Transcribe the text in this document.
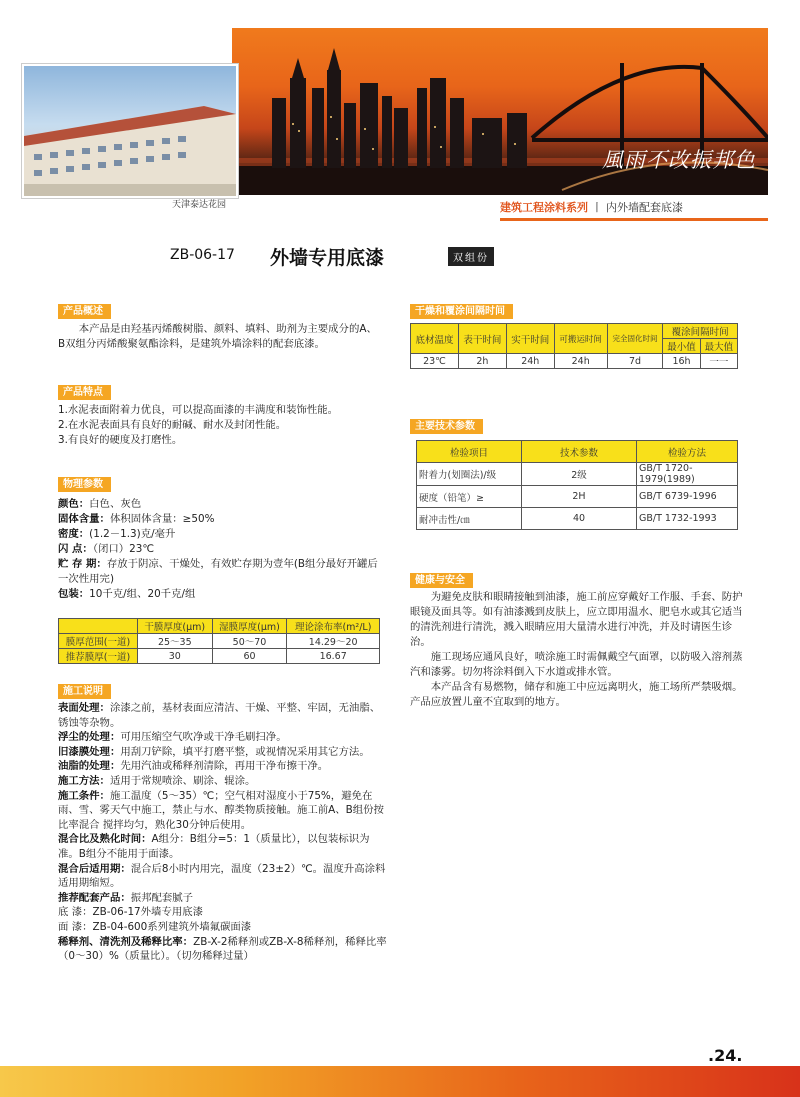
風雨不改振邦色
天津泰达花园	建筑工程涂料系列 丨 内外墙配套底漆
ZB-06-17 外墙专用底漆	双组份
产品概述
本产品是由羟基丙烯酸树脂、颜料、填料、助剂为主要成分的A、B双组分丙烯酸聚氨酯涂料，是建筑外墙涂料的配套底漆。
产品特点
1.水泥表面附着力优良，可以提高面漆的丰满度和装饰性能。
2.在水泥表面具有良好的耐碱、耐水及封闭性能。
3.有良好的硬度及打磨性。
物理参数
颜色：白色、灰色
固体含量：体积固体含量：≥50%
密度：(1.2－1.3)克/毫升
闪 点：（闭口）23℃
贮 存 期：存放于阴凉、干燥处，有效贮存期为壹年(B组分最好开罐后一次性用完)
包装：10千克/组、20千克/组
	干膜厚度(μm)	湿膜厚度(μm)	理论涂布率(m²/L)
膜厚范围(一道)	25～35	50～70	14.29～20
推荐膜厚(一道)	30	60	16.67
施工说明
表面处理：涂漆之前，基材表面应清洁、干燥、平整、牢固，无油脂、锈蚀等杂物。
浮尘的处理：可用压缩空气吹净或干净毛刷扫净。
旧漆膜处理：用刮刀铲除，填平打磨平整，或视情况采用其它方法。
油脂的处理：先用汽油或稀释剂清除，再用干净布擦干净。
施工方法：适用于常规喷涂、刷涂、辊涂。
施工条件：施工温度（5～35）℃；空气相对湿度小于75%，避免在雨、雪、雾天气中施工，禁止与水、醇类物质接触。施工前A、B组份按比率混合 搅拌均匀，熟化30分钟后使用。
混合比及熟化时间：A组分：B组分=5：1（质量比），以包装标识为准。B组分不能用于面漆。
混合后适用期：混合后8小时内用完，温度（23±2）℃。温度升高涂料适用期缩短。
推荐配套产品：振邦配套腻子
底 漆：ZB-06-17外墙专用底漆
面 漆：ZB-04-600系列建筑外墙氟碳面漆
稀释剂、清洗剂及稀释比率：ZB-X-2稀释剂或ZB-X-8稀释剂，稀释比率（0～30）%（质量比）。（切勿稀释过量）
干燥和覆涂间隔时间
底材温度	表干时间	实干时间	可搬运时间	完全固化时间	覆涂间隔时间	
					最小值	最大值
23℃	2h	24h	24h	7d	16h	一一
主要技术参数
检验项目	技术参数	检验方法
附着力(划圈法)/级	2级	GB/T 1720-1979(1989)
硬度（铅笔）≥	2H	GB/T 6739-1996
耐冲击性/㎝	40	GB/T 1732-1993
健康与安全
为避免皮肤和眼睛接触到油漆，施工前应穿戴好工作服、手套、防护眼镜及面具等。如有油漆溅到皮肤上，应立即用温水、肥皂水或其它适当的清洗剂进行清洗，溅入眼睛应用大量清水进行冲洗，并及时请医生诊治。
施工现场应通风良好，喷涂施工时需佩戴空气面罩，以防吸入溶剂蒸汽和漆雾。切勿将涂料倒入下水道或排水管。
本产品含有易燃物，储存和施工中应远离明火，施工场所严禁吸烟。产品应放置儿童不宜取到的地方。
.24.
